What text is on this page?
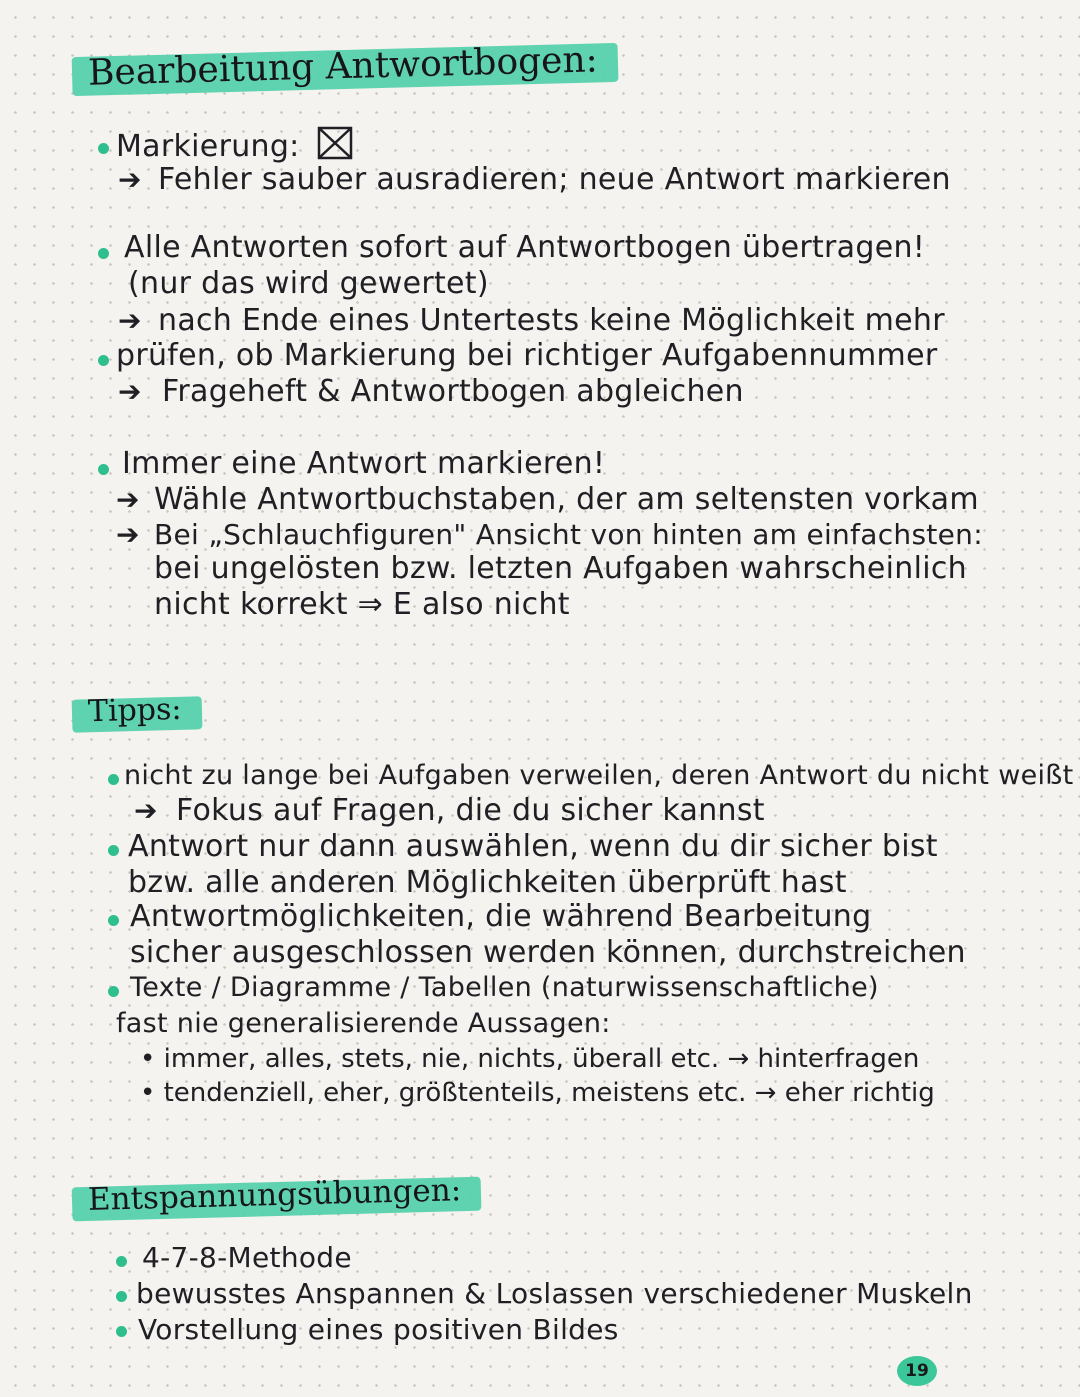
Bearbeitung Antwortbogen:
Markierung:
➔ Fehler sauber ausradieren; neue Antwort markieren
Alle Antworten sofort auf Antwortbogen übertragen!
(nur das wird gewertet)
➔ nach Ende eines Untertests keine Möglichkeit mehr
prüfen, ob Markierung bei richtiger Aufgabennummer
➔ Frageheft & Antwortbogen abgleichen
Immer eine Antwort markieren!
➔ Wähle Antwortbuchstaben, der am seltensten vorkam
➔ Bei „Schlauchfiguren" Ansicht von hinten am einfachsten:
bei ungelösten bzw. letzten Aufgaben wahrscheinlich
nicht korrekt ⇒ E also nicht
Tipps:
nicht zu lange bei Aufgaben verweilen, deren Antwort du nicht weißt
➔ Fokus auf Fragen, die du sicher kannst
Antwort nur dann auswählen, wenn du dir sicher bist
bzw. alle anderen Möglichkeiten überprüft hast
Antwortmöglichkeiten, die während Bearbeitung
sicher ausgeschlossen werden können, durchstreichen
Texte / Diagramme / Tabellen (naturwissenschaftliche)
fast nie generalisierende Aussagen:
• immer, alles, stets, nie, nichts, überall etc. → hinterfragen
• tendenziell, eher, größtenteils, meistens etc. → eher richtig
Entspannungsübungen:
4-7-8-Methode
bewusstes Anspannen & Loslassen verschiedener Muskeln
Vorstellung eines positiven Bildes
19
